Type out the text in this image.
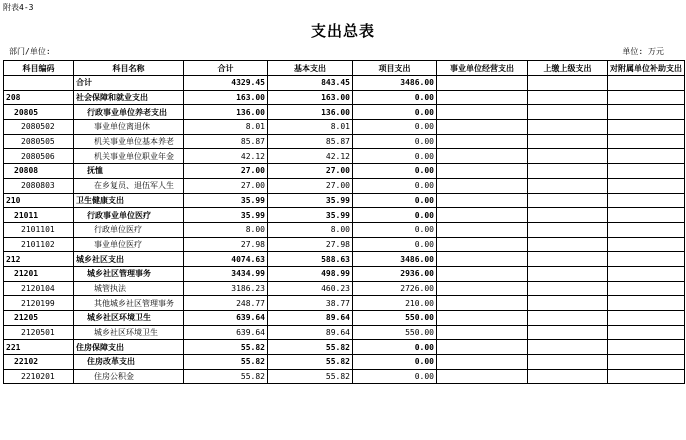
附表4-3
支出总表
部门/单位:	单位: 万元
科目编码	科目名称	合计	基本支出	项目支出	事业单位经营支出	上缴上级支出	对附属单位补助支出
	合计	4329.45	843.45	3486.00			
208	社会保障和就业支出	163.00	163.00	0.00			
20805	行政事业单位养老支出	136.00	136.00	0.00			
2080502	事业单位离退休	8.01	8.01	0.00			
2080505	机关事业单位基本养老	85.87	85.87	0.00			
2080506	机关事业单位职业年金	42.12	42.12	0.00			
20808	抚恤	27.00	27.00	0.00			
2080803	在乡复员、退伍军人生	27.00	27.00	0.00			
210	卫生健康支出	35.99	35.99	0.00			
21011	行政事业单位医疗	35.99	35.99	0.00			
2101101	行政单位医疗	8.00	8.00	0.00			
2101102	事业单位医疗	27.98	27.98	0.00			
212	城乡社区支出	4074.63	588.63	3486.00			
21201	城乡社区管理事务	3434.99	498.99	2936.00			
2120104	城管执法	3186.23	460.23	2726.00			
2120199	其他城乡社区管理事务	248.77	38.77	210.00			
21205	城乡社区环境卫生	639.64	89.64	550.00			
2120501	城乡社区环境卫生	639.64	89.64	550.00			
221	住房保障支出	55.82	55.82	0.00			
22102	住房改革支出	55.82	55.82	0.00			
2210201	住房公积金	55.82	55.82	0.00			
